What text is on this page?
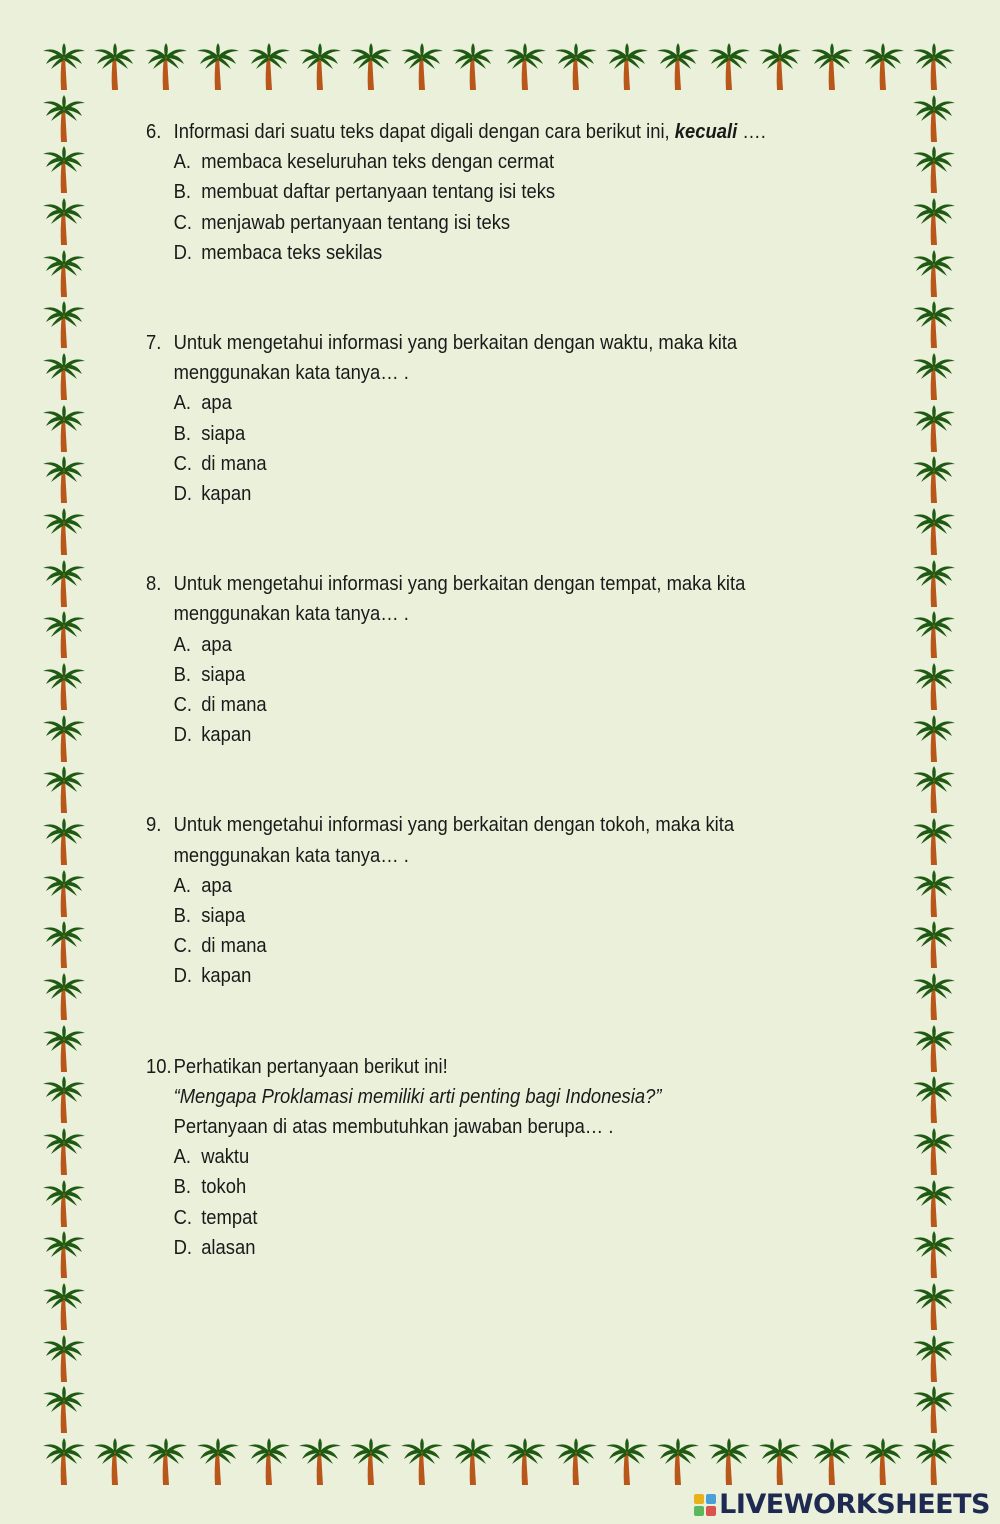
6. Informasi dari suatu teks dapat digali dengan cara berikut ini, kecuali ….
A. membaca keseluruhan teks dengan cermat
B. membuat daftar pertanyaan tentang isi teks
C. menjawab pertanyaan tentang isi teks
D. membaca teks sekilas
7. Untuk mengetahui informasi yang berkaitan dengan waktu, maka kita menggunakan kata tanya… .
A. apa
B. siapa
C. di mana
D. kapan
8. Untuk mengetahui informasi yang berkaitan dengan tempat, maka kita menggunakan kata tanya… .
A. apa
B. siapa
C. di mana
D. kapan
9. Untuk mengetahui informasi yang berkaitan dengan tokoh, maka kita menggunakan kata tanya… .
A. apa
B. siapa
C. di mana
D. kapan
10. Perhatikan pertanyaan berikut ini!
“Mengapa Proklamasi memiliki arti penting bagi Indonesia?”
Pertanyaan di atas membutuhkan jawaban berupa… .
A. waktu
B. tokoh
C. tempat
D. alasan
LIVEWORKSHEETS
